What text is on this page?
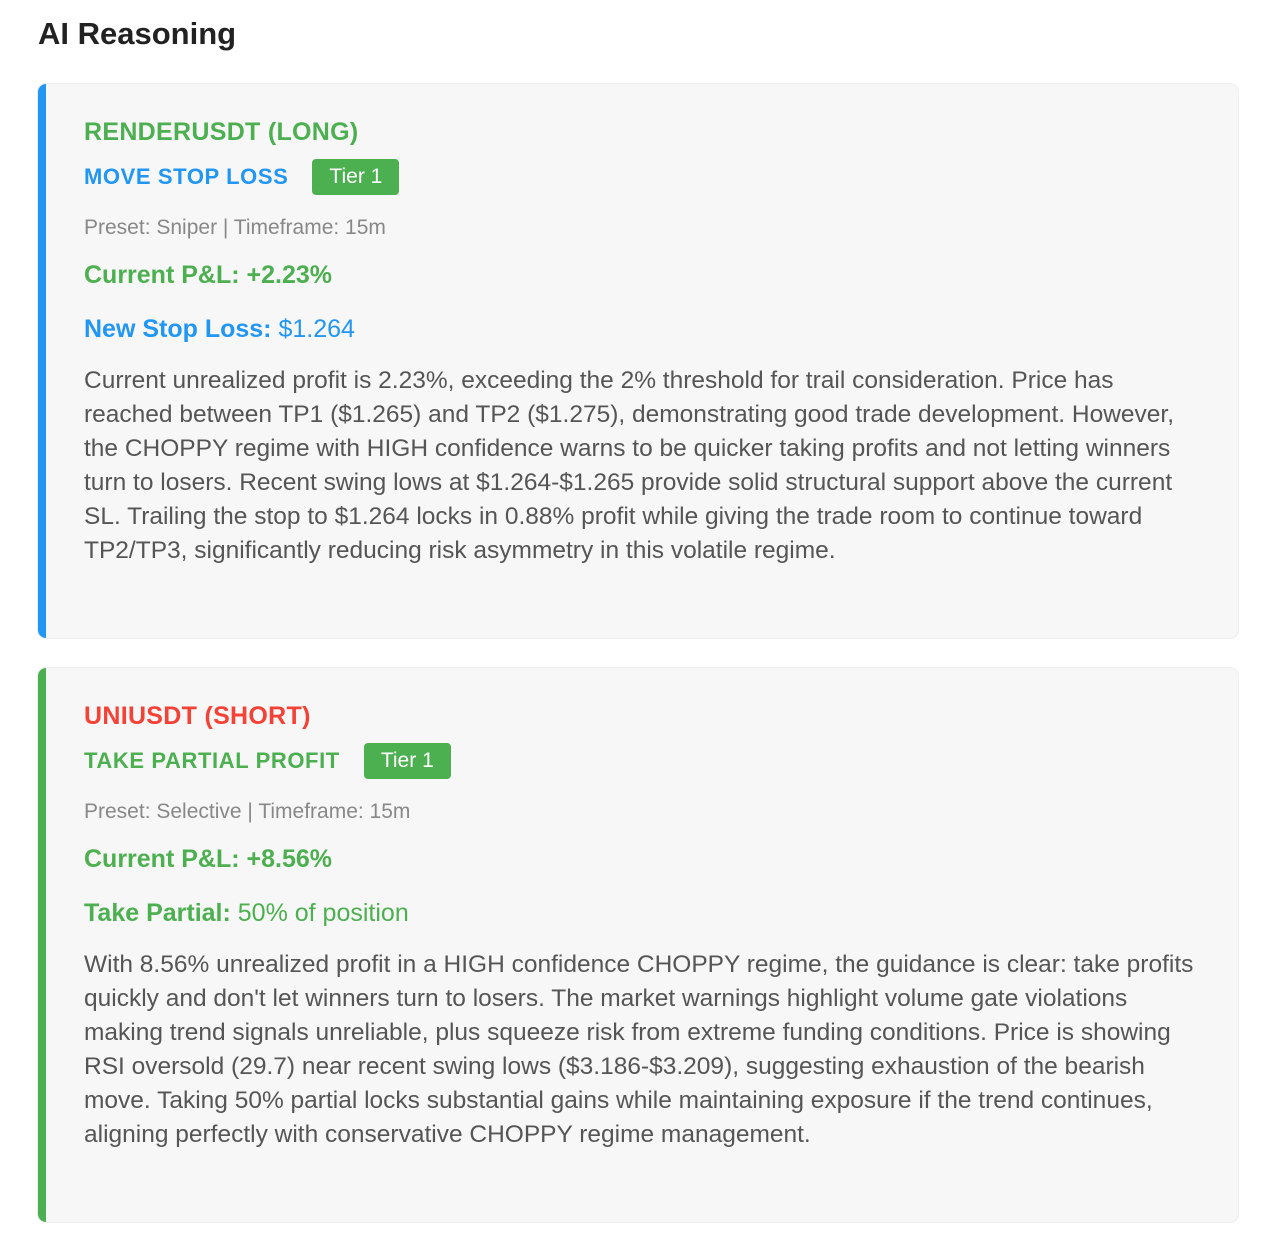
AI Reasoning
RENDERUSDT (LONG)
MOVE STOP LOSS	Tier 1
Preset: Sniper | Timeframe: 15m
Current P&L: +2.23%
New Stop Loss: $1.264
Current unrealized profit is 2.23%, exceeding the 2% threshold for trail consideration. Price has reached between TP1 ($1.265) and TP2 ($1.275), demonstrating good trade development. However, the CHOPPY regime with HIGH confidence warns to be quicker taking profits and not letting winners turn to losers. Recent swing lows at $1.264-$1.265 provide solid structural support above the current SL. Trailing the stop to $1.264 locks in 0.88% profit while giving the trade room to continue toward TP2/TP3, significantly reducing risk asymmetry in this volatile regime.
UNIUSDT (SHORT)
TAKE PARTIAL PROFIT	Tier 1
Preset: Selective | Timeframe: 15m
Current P&L: +8.56%
Take Partial: 50% of position
With 8.56% unrealized profit in a HIGH confidence CHOPPY regime, the guidance is clear: take profits quickly and don't let winners turn to losers. The market warnings highlight volume gate violations making trend signals unreliable, plus squeeze risk from extreme funding conditions. Price is showing RSI oversold (29.7) near recent swing lows ($3.186-$3.209), suggesting exhaustion of the bearish move. Taking 50% partial locks substantial gains while maintaining exposure if the trend continues, aligning perfectly with conservative CHOPPY regime management.
